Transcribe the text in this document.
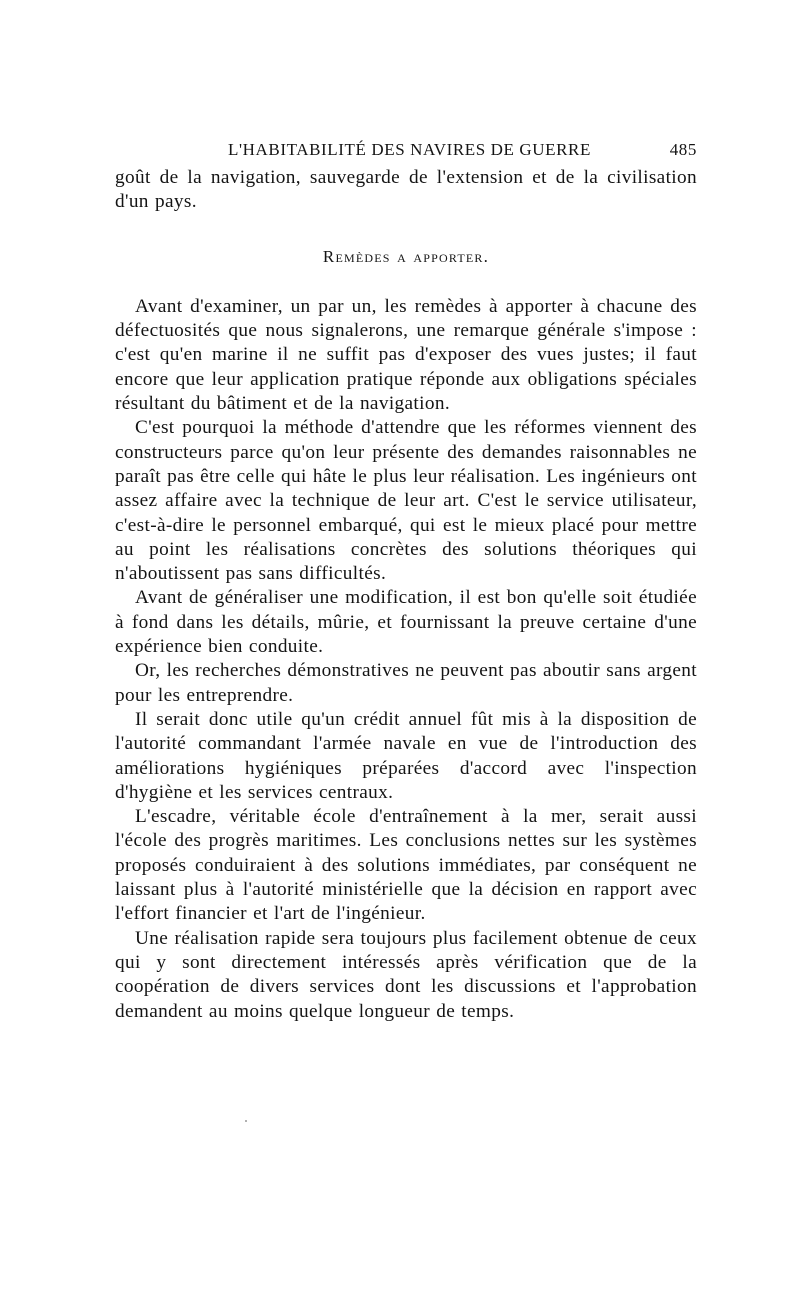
L'HABITABILITÉ DES NAVIRES DE GUERRE	485

goût de la navigation, sauvegarde de l'extension et de la civilisation d'un pays.

Remèdes a apporter.

Avant d'examiner, un par un, les remèdes à apporter à chacune des défectuosités que nous signalerons, une remarque générale s'impose : c'est qu'en marine il ne suffit pas d'exposer des vues justes; il faut encore que leur application pratique réponde aux obligations spéciales résultant du bâtiment et de la navigation.

C'est pourquoi la méthode d'attendre que les réformes viennent des constructeurs parce qu'on leur présente des demandes raisonnables ne paraît pas être celle qui hâte le plus leur réalisation. Les ingénieurs ont assez affaire avec la technique de leur art. C'est le service utilisateur, c'est-à-dire le personnel embarqué, qui est le mieux placé pour mettre au point les réalisations concrètes des solutions théoriques qui n'aboutissent pas sans difficultés.

Avant de généraliser une modification, il est bon qu'elle soit étudiée à fond dans les détails, mûrie, et fournissant la preuve certaine d'une expérience bien conduite.

Or, les recherches démonstratives ne peuvent pas aboutir sans argent pour les entreprendre.

Il serait donc utile qu'un crédit annuel fût mis à la disposition de l'autorité commandant l'armée navale en vue de l'introduction des améliorations hygiéniques préparées d'accord avec l'inspection d'hygiène et les services centraux.

L'escadre, véritable école d'entraînement à la mer, serait aussi l'école des progrès maritimes. Les conclusions nettes sur les systèmes proposés conduiraient à des solutions immédiates, par conséquent ne laissant plus à l'autorité ministérielle que la décision en rapport avec l'effort financier et l'art de l'ingénieur.

Une réalisation rapide sera toujours plus facilement obtenue de ceux qui y sont directement intéressés après vérification que de la coopération de divers services dont les discussions et l'approbation demandent au moins quelque longueur de temps.
